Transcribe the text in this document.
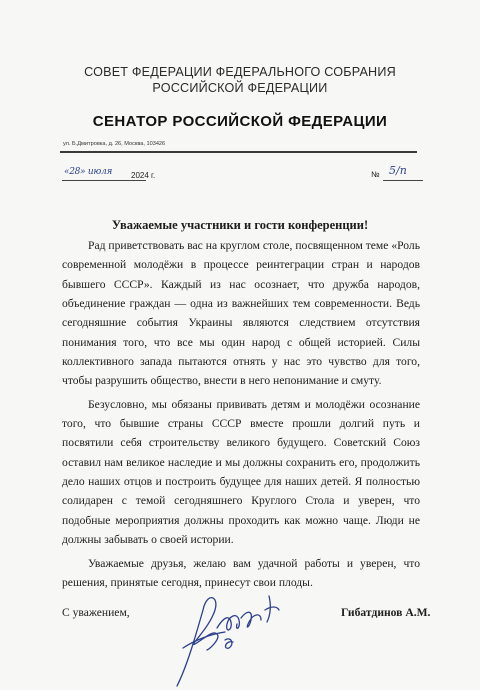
СОВЕТ ФЕДЕРАЦИИ ФЕДЕРАЛЬНОГО СОБРАНИЯ
РОССИЙСКОЙ ФЕДЕРАЦИИ
СЕНАТОР РОССИЙСКОЙ ФЕДЕРАЦИИ
ул. Б.Дмитровка, д. 26, Москва, 103426
«28» июля 2024 г.	№ 5/п
Уважаемые участники и гости конференции!

Рад приветствовать вас на круглом столе, посвященном теме «Роль современной молодёжи в процессе реинтеграции стран и народов бывшего СССР». Каждый из нас осознает, что дружба народов, объединение граждан — одна из важнейших тем современности. Ведь сегодняшние события Украины являются следствием отсутствия понимания того, что все мы один народ с общей историей. Силы коллективного запада пытаются отнять у нас это чувство для того, чтобы разрушить общество, внести в него непонимание и смуту.

Безусловно, мы обязаны прививать детям и молодёжи осознание того, что бывшие страны СССР вместе прошли долгий путь и посвятили себя строительству великого будущего. Советский Союз оставил нам великое наследие и мы должны сохранить его, продолжить дело наших отцов и построить будущее для наших детей. Я полностью солидарен с темой сегодняшнего Круглого Стола и уверен, что подобные мероприятия должны проходить как можно чаще. Люди не должны забывать о своей истории.

Уважаемые друзья, желаю вам удачной работы и уверен, что решения, принятые сегодня, принесут свои плоды.

С уважением,	Гибатдинов А.М.
